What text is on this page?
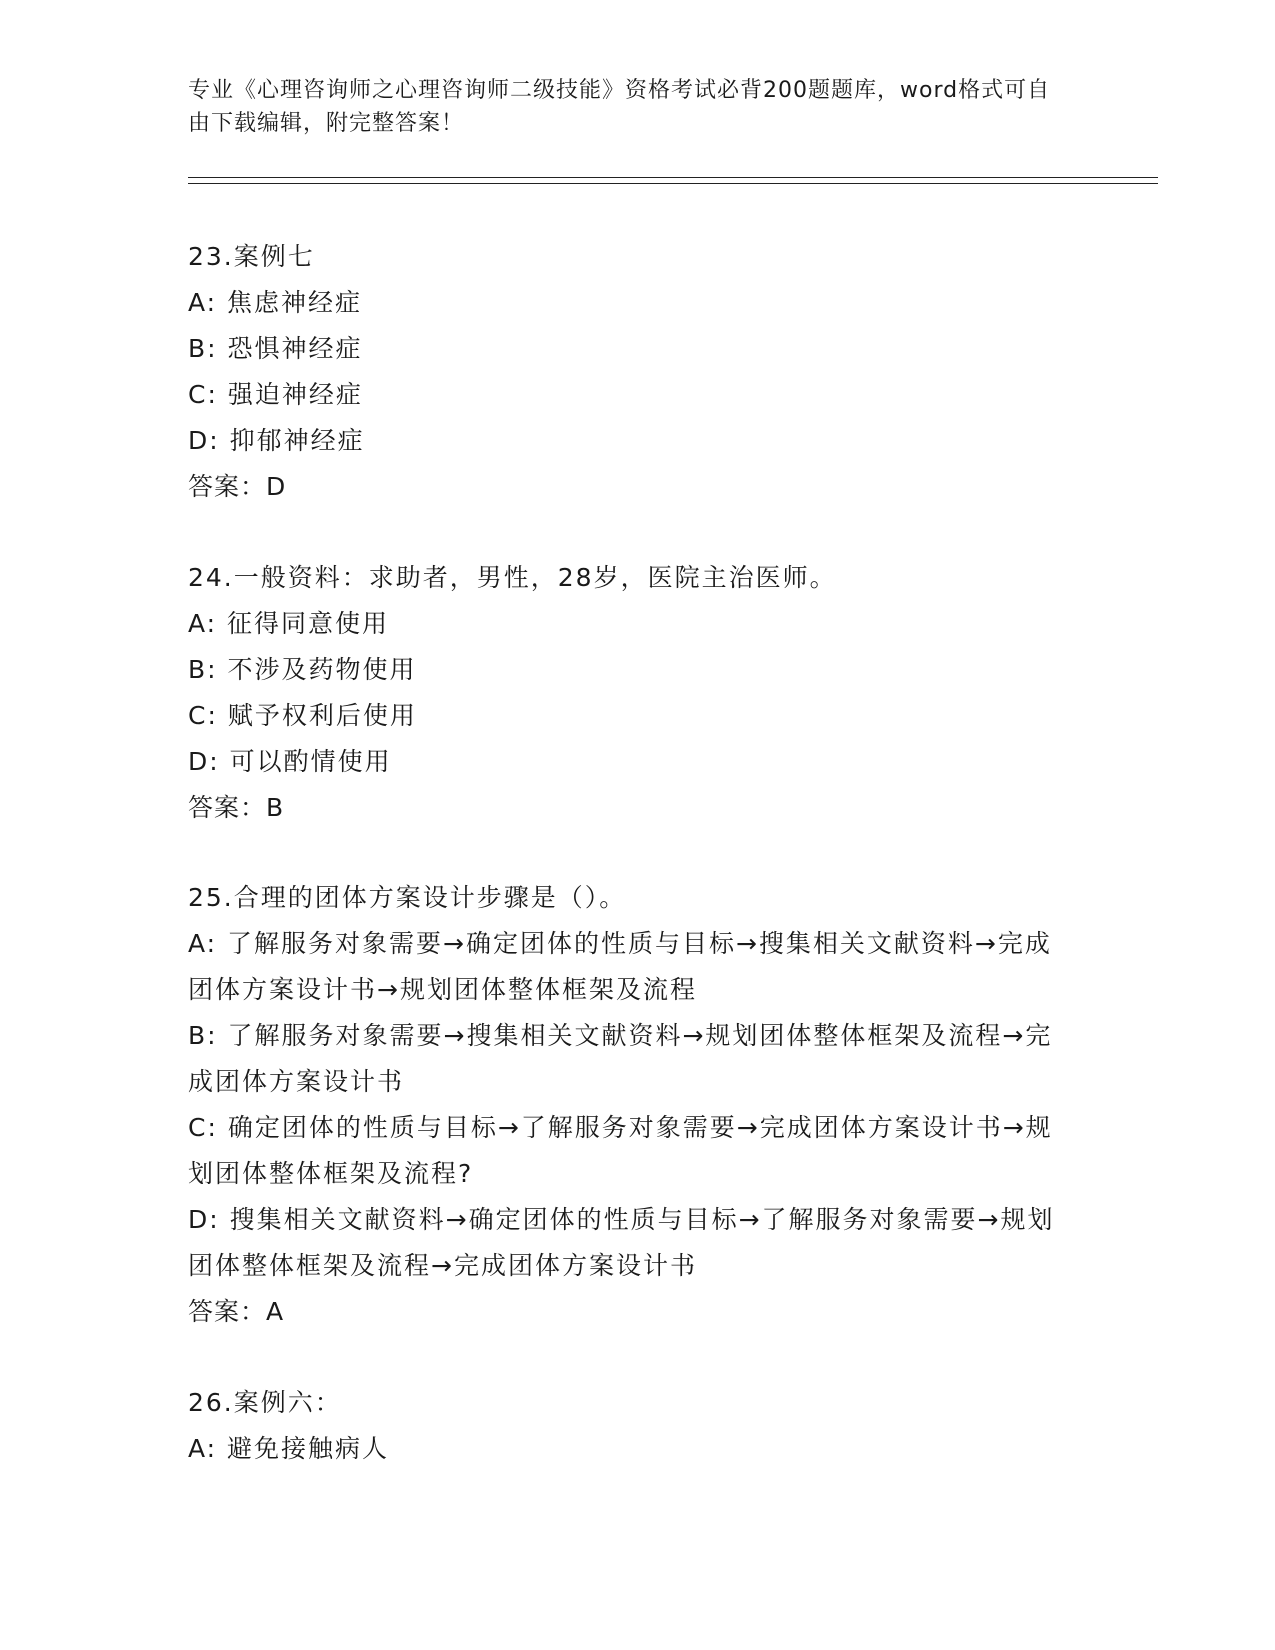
专业《心理咨询师之心理咨询师二级技能》资格考试必背200题题库，word格式可自由下载编辑，附完整答案！
23.案例七
A: 焦虑神经症
B: 恐惧神经症
C: 强迫神经症
D: 抑郁神经症
答案：D
24.一般资料：求助者，男性，28岁，医院主治医师。
A: 征得同意使用
B: 不涉及药物使用
C: 赋予权利后使用
D: 可以酌情使用
答案：B
25.合理的团体方案设计步骤是（）。
A: 了解服务对象需要→确定团体的性质与目标→搜集相关文献资料→完成团体方案设计书→规划团体整体框架及流程
B: 了解服务对象需要→搜集相关文献资料→规划团体整体框架及流程→完成团体方案设计书
C: 确定团体的性质与目标→了解服务对象需要→完成团体方案设计书→规划团体整体框架及流程?
D: 搜集相关文献资料→确定团体的性质与目标→了解服务对象需要→规划团体整体框架及流程→完成团体方案设计书
答案：A
26.案例六：
A: 避免接触病人
